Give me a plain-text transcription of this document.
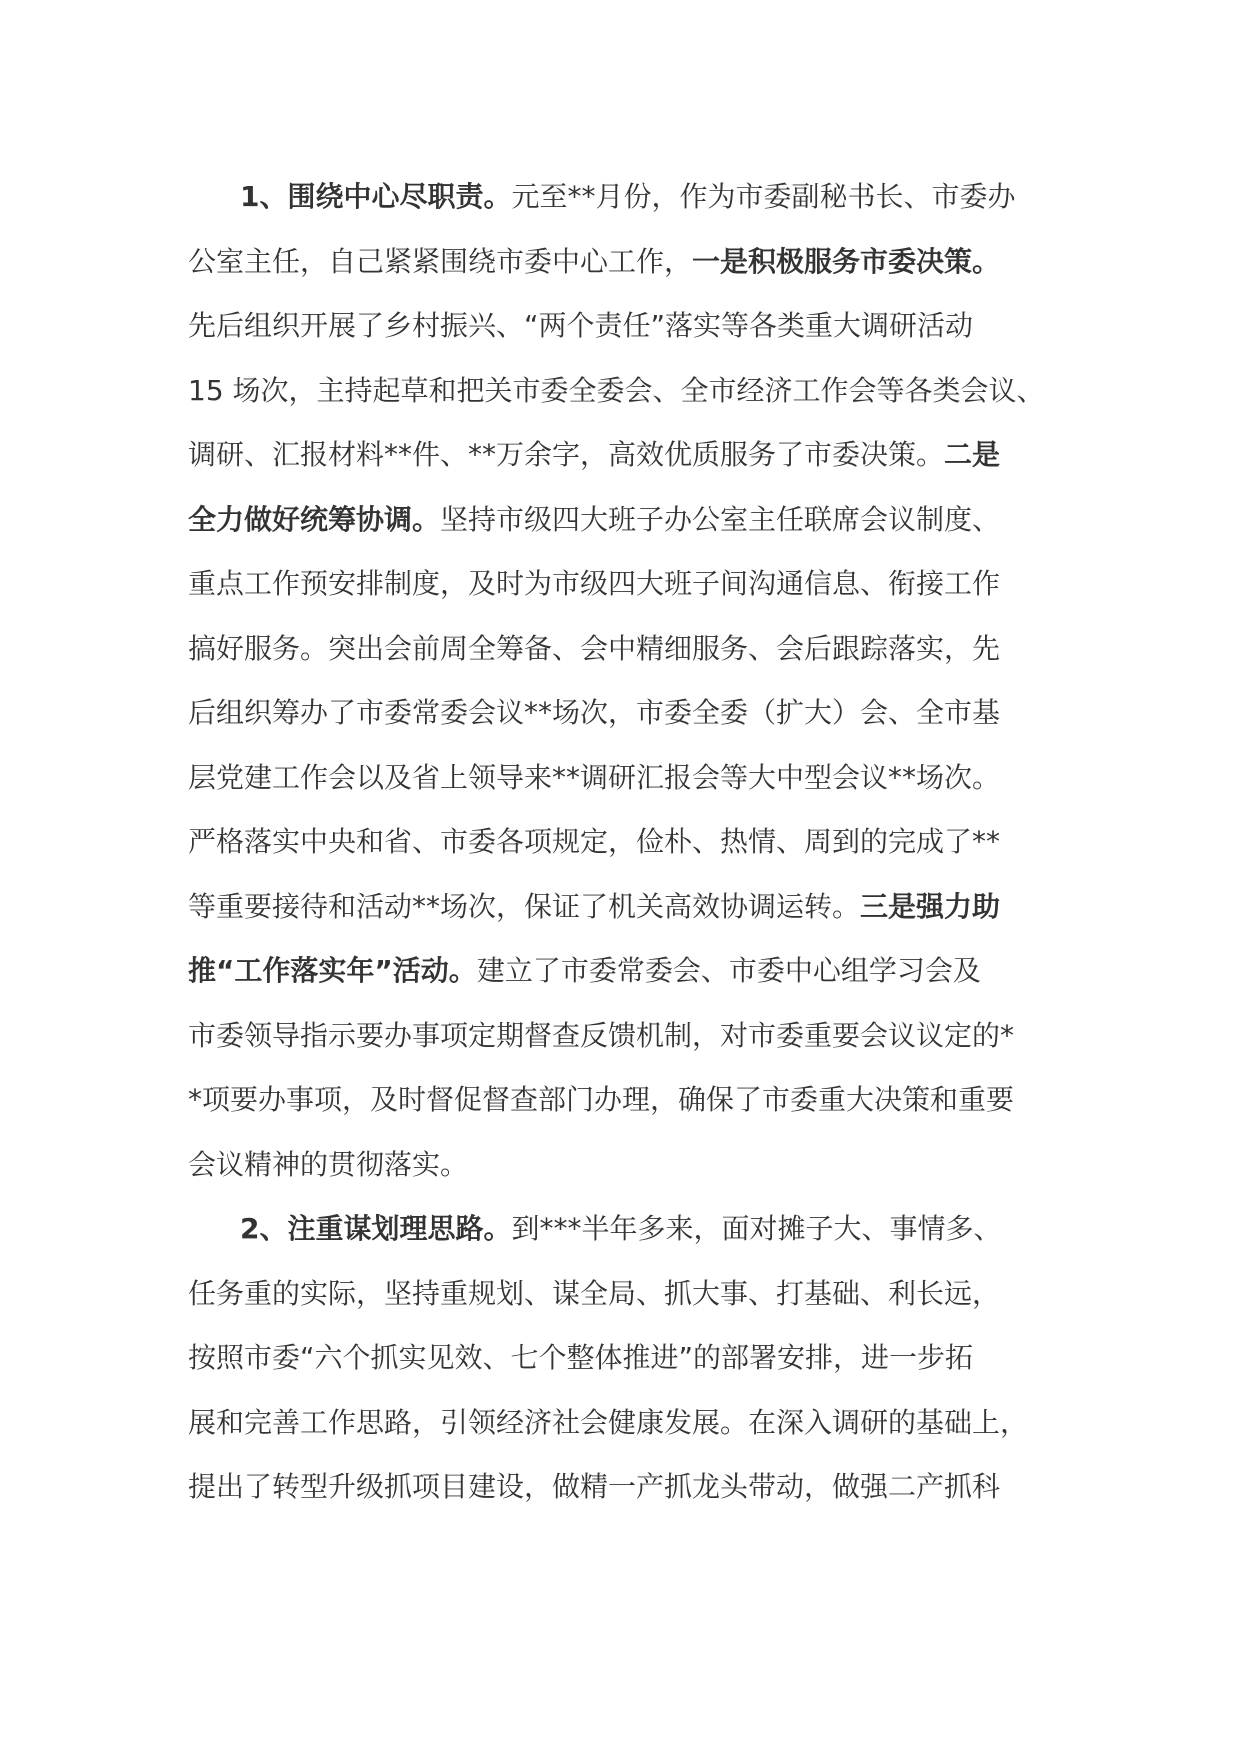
1、围绕中心尽职责。元至**月份，作为市委副秘书长、市委办
公室主任，自己紧紧围绕市委中心工作，一是积极服务市委决策。
先后组织开展了乡村振兴、“两个责任”落实等各类重大调研活动
15 场次，主持起草和把关市委全委会、全市经济工作会等各类会议、
调研、汇报材料**件、**万余字，高效优质服务了市委决策。二是
全力做好统筹协调。坚持市级四大班子办公室主任联席会议制度、
重点工作预安排制度，及时为市级四大班子间沟通信息、衔接工作
搞好服务。突出会前周全筹备、会中精细服务、会后跟踪落实，先
后组织筹办了市委常委会议**场次，市委全委（扩大）会、全市基
层党建工作会以及省上领导来**调研汇报会等大中型会议**场次。
严格落实中央和省、市委各项规定，俭朴、热情、周到的完成了**
等重要接待和活动**场次，保证了机关高效协调运转。三是强力助
推“工作落实年”活动。建立了市委常委会、市委中心组学习会及
市委领导指示要办事项定期督查反馈机制，对市委重要会议议定的*
*项要办事项，及时督促督查部门办理，确保了市委重大决策和重要
会议精神的贯彻落实。
2、注重谋划理思路。到***半年多来，面对摊子大、事情多、
任务重的实际，坚持重规划、谋全局、抓大事、打基础、利长远，
按照市委“六个抓实见效、七个整体推进”的部署安排，进一步拓
展和完善工作思路，引领经济社会健康发展。在深入调研的基础上，
提出了转型升级抓项目建设，做精一产抓龙头带动，做强二产抓科
